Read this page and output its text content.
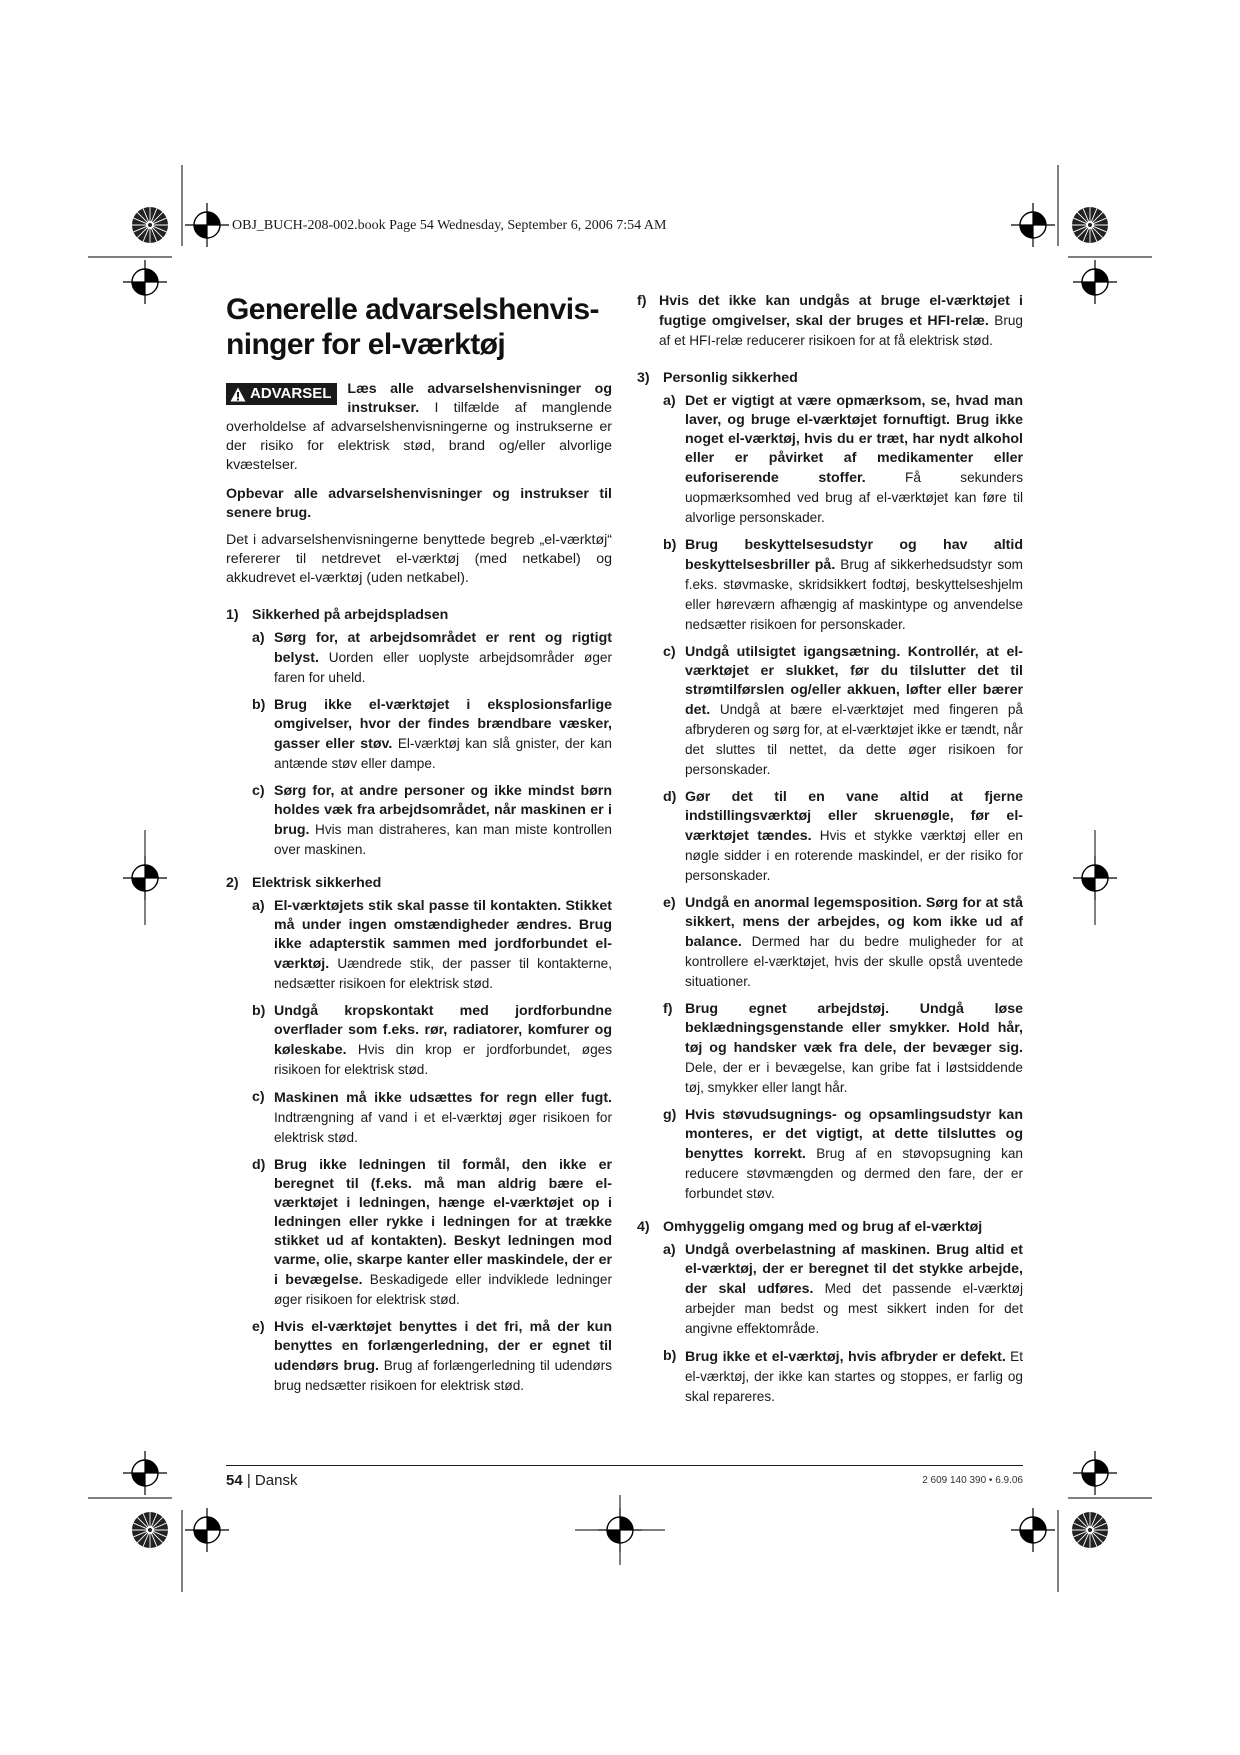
OBJ_BUCH-208-002.book Page 54 Wednesday, September 6, 2006 7:54 AM
Generelle advarselshenvis-
ninger for el-værktøj
ADVARSEL	Læs alle advarselshenvisninger og instrukser. I tilfælde af manglende overholdelse af advarselshenvisningerne og instrukserne er der risiko for elektrisk stød, brand og/eller alvorlige kvæstelser.

Opbevar alle advarselshenvisninger og instrukser til senere brug.

Det i advarselshenvisningerne benyttede begreb „el-værktøj“ refererer til netdrevet el-værktøj (med netkabel) og akkudrevet el-værktøj (uden netkabel).

1) Sikkerhed på arbejdspladsen
a) Sørg for, at arbejdsområdet er rent og rigtigt belyst. Uorden eller uoplyste arbejdsområder øger faren for uheld.
b) Brug ikke el-værktøjet i eksplosionsfarlige omgivelser, hvor der findes brændbare væsker, gasser eller støv. El-værktøj kan slå gnister, der kan antænde støv eller dampe.
c) Sørg for, at andre personer og ikke mindst børn holdes væk fra arbejdsområdet, når maskinen er i brug. Hvis man distraheres, kan man miste kontrollen over maskinen.
2) Elektrisk sikkerhed
a) El-værktøjets stik skal passe til kontakten. Stikket må under ingen omstændigheder ændres. Brug ikke adapterstik sammen med jordforbundet el-værktøj. Uændrede stik, der passer til kontakterne, nedsætter risikoen for elektrisk stød.
b) Undgå kropskontakt med jordforbundne overflader som f.eks. rør, radiatorer, komfurer og køleskabe. Hvis din krop er jordforbundet, øges risikoen for elektrisk stød.
c) Maskinen må ikke udsættes for regn eller fugt. Indtrængning af vand i et el-værktøj øger risikoen for elektrisk stød.
d) Brug ikke ledningen til formål, den ikke er beregnet til (f.eks. må man aldrig bære el-værktøjet i ledningen, hænge el-værktøjet op i ledningen eller rykke i ledningen for at trække stikket ud af kontakten). Beskyt ledningen mod varme, olie, skarpe kanter eller maskindele, der er i bevægelse. Beskadigede eller indviklede ledninger øger risikoen for elektrisk stød.
e) Hvis el-værktøjet benyttes i det fri, må der kun benyttes en forlængerledning, der er egnet til udendørs brug. Brug af forlængerledning til udendørs brug nedsætter risikoen for elektrisk stød.
f) Hvis det ikke kan undgås at bruge el-værktøjet i fugtige omgivelser, skal der bruges et HFI-relæ. Brug af et HFI-relæ reducerer risikoen for at få elektrisk stød.
3) Personlig sikkerhed
a) Det er vigtigt at være opmærksom, se, hvad man laver, og bruge el-værktøjet fornuftigt. Brug ikke noget el-værktøj, hvis du er træt, har nydt alkohol eller er påvirket af medikamenter eller euforiserende stoffer. Få sekunders uopmærksomhed ved brug af el-værktøjet kan føre til alvorlige personskader.
b) Brug beskyttelsesudstyr og hav altid beskyttelsesbriller på. Brug af sikkerhedsudstyr som f.eks. støvmaske, skridsikkert fodtøj, beskyttelseshjelm eller høreværn afhængig af maskintype og anvendelse nedsætter risikoen for personskader.
c) Undgå utilsigtet igangsætning. Kontrollér, at el-værktøjet er slukket, før du tilslutter det til strømtilførslen og/eller akkuen, løfter eller bærer det. Undgå at bære el-værktøjet med fingeren på afbryderen og sørg for, at el-værktøjet ikke er tændt, når det sluttes til nettet, da dette øger risikoen for personskader.
d) Gør det til en vane altid at fjerne indstillingsværktøj eller skruenøgle, før el-værktøjet tændes. Hvis et stykke værktøj eller en nøgle sidder i en roterende maskindel, er der risiko for personskader.
e) Undgå en anormal legemsposition. Sørg for at stå sikkert, mens der arbejdes, og kom ikke ud af balance. Dermed har du bedre muligheder for at kontrollere el-værktøjet, hvis der skulle opstå uventede situationer.
f) Brug egnet arbejdstøj. Undgå løse beklædningsgenstande eller smykker. Hold hår, tøj og handsker væk fra dele, der bevæger sig. Dele, der er i bevægelse, kan gribe fat i løstsiddende tøj, smykker eller langt hår.
g) Hvis støvudsugnings- og opsamlingsudstyr kan monteres, er det vigtigt, at dette tilsluttes og benyttes korrekt. Brug af en støvopsugning kan reducere støvmængden og dermed den fare, der er forbundet støv.
4) Omhyggelig omgang med og brug af el-værktøj
a) Undgå overbelastning af maskinen. Brug altid et el-værktøj, der er beregnet til det stykke arbejde, der skal udføres. Med det passende el-værktøj arbejder man bedst og mest sikkert inden for det angivne effektområde.
b) Brug ikke et el-værktøj, hvis afbryder er defekt. Et el-værktøj, der ikke kan startes og stoppes, er farlig og skal repareres.
54 | Dansk	2 609 140 390 • 6.9.06
